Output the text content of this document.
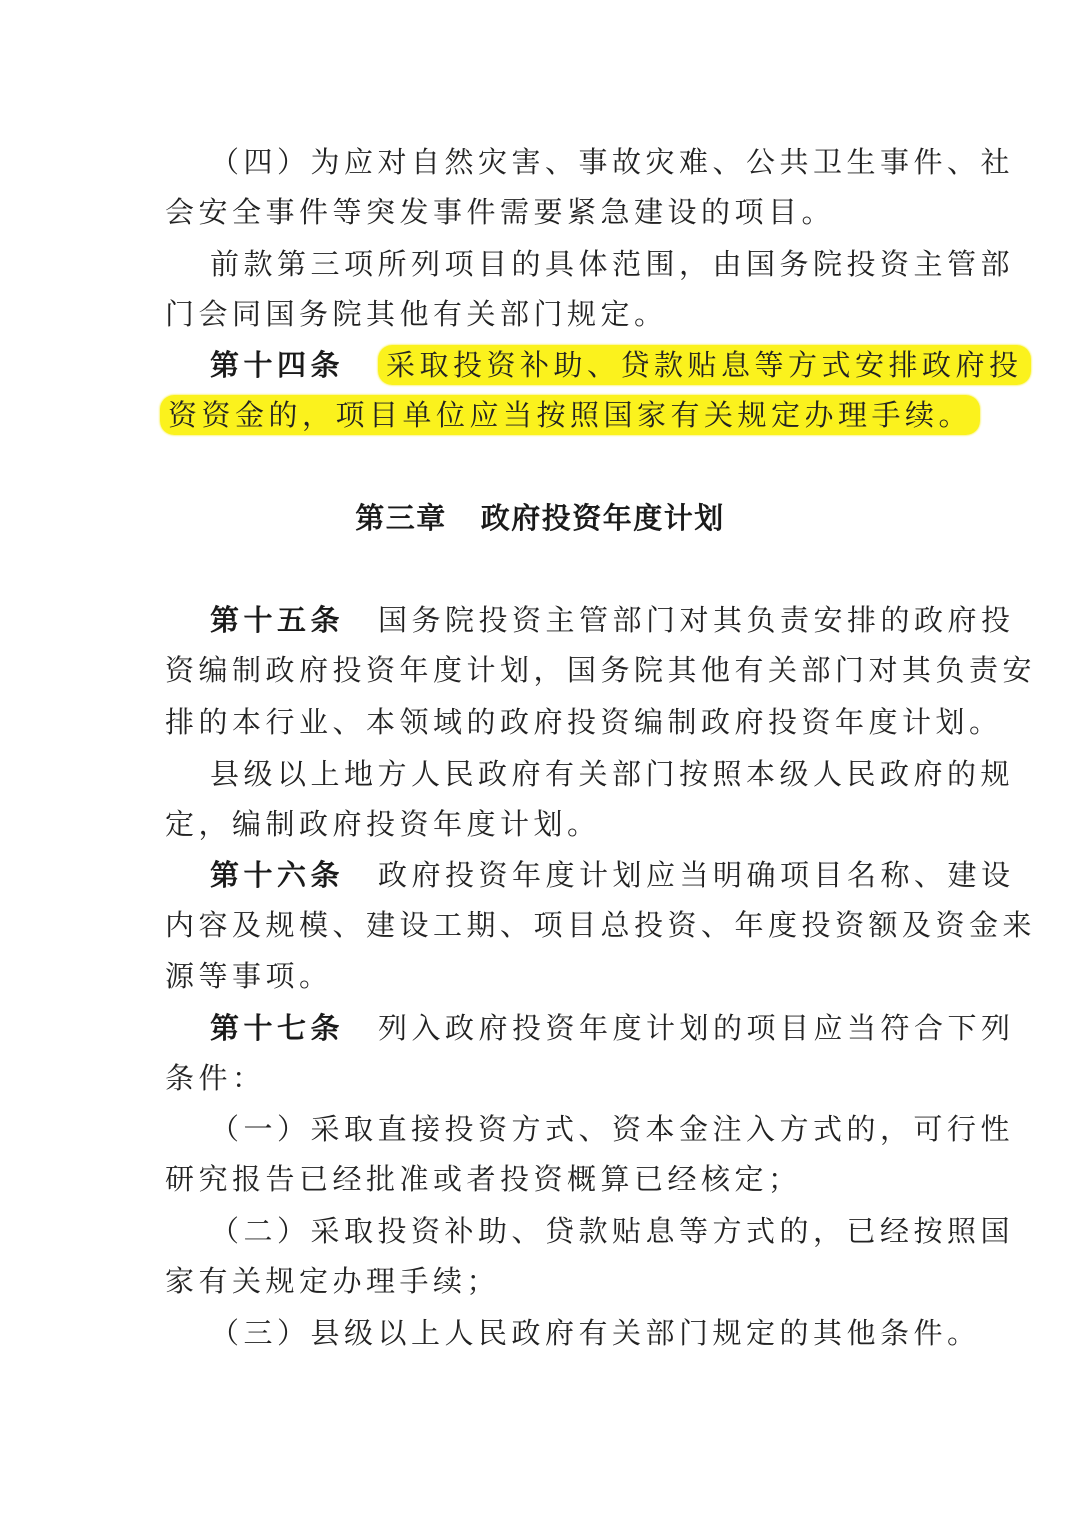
（四）为应对自然灾害、事故灾难、公共卫生事件、社
会安全事件等突发事件需要紧急建设的项目。
前款第三项所列项目的具体范围，由国务院投资主管部
门会同国务院其他有关部门规定。
第十四条 采取投资补助、贷款贴息等方式安排政府投
资资金的，项目单位应当按照国家有关规定办理手续。
第三章 政府投资年度计划
第十五条 国务院投资主管部门对其负责安排的政府投
资编制政府投资年度计划，国务院其他有关部门对其负责安
排的本行业、本领域的政府投资编制政府投资年度计划。
县级以上地方人民政府有关部门按照本级人民政府的规
定，编制政府投资年度计划。
第十六条 政府投资年度计划应当明确项目名称、建设
内容及规模、建设工期、项目总投资、年度投资额及资金来
源等事项。
第十七条 列入政府投资年度计划的项目应当符合下列
条件：
（一）采取直接投资方式、资本金注入方式的，可行性
研究报告已经批准或者投资概算已经核定；
（二）采取投资补助、贷款贴息等方式的，已经按照国
家有关规定办理手续；
（三）县级以上人民政府有关部门规定的其他条件。
